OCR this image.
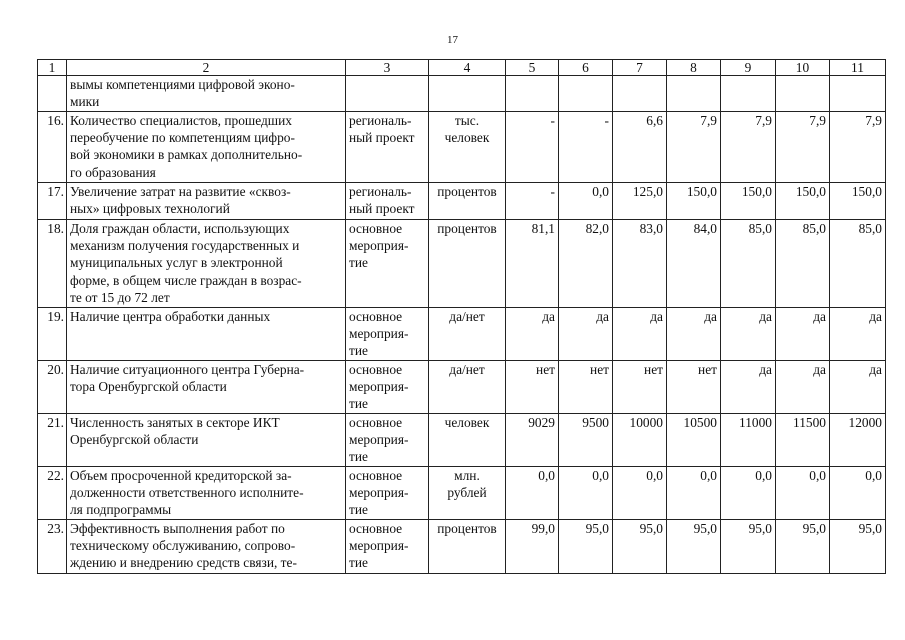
17
1	2	3	4	5	6	7	8	9	10	11
	вымы компетенциями цифровой эконо-
мики									
16.	Количество специалистов, прошедших
переобучение по компетенциям цифро-
вой экономики в рамках дополнительно-
го образования	региональ-
ный проект	тыс.
человек	-	-	6,6	7,9	7,9	7,9	7,9
17.	Увеличение затрат на развитие «сквоз-
ных» цифровых технологий	региональ-
ный проект	процентов	-	0,0	125,0	150,0	150,0	150,0	150,0
18.	Доля граждан области, использующих
механизм получения государственных и
муниципальных услуг в электронной
форме, в общем числе граждан в возрас-
те от 15 до 72 лет	основное
мероприя-
тие	процентов	81,1	82,0	83,0	84,0	85,0	85,0	85,0
19.	Наличие центра обработки данных	основное
мероприя-
тие	да/нет	да	да	да	да	да	да	да
20.	Наличие ситуационного центра Губерна-
тора Оренбургской области	основное
мероприя-
тие	да/нет	нет	нет	нет	нет	да	да	да
21.	Численность занятых в секторе ИКТ
Оренбургской области	основное
мероприя-
тие	человек	9029	9500	10000	10500	11000	11500	12000
22.	Объем просроченной кредиторской за-
долженности ответственного исполните-
ля подпрограммы	основное
мероприя-
тие	млн.
рублей	0,0	0,0	0,0	0,0	0,0	0,0	0,0
23.	Эффективность выполнения работ по
техническому обслуживанию, сопрово-
ждению и внедрению средств связи, те-	основное
мероприя-
тие	процентов	99,0	95,0	95,0	95,0	95,0	95,0	95,0
